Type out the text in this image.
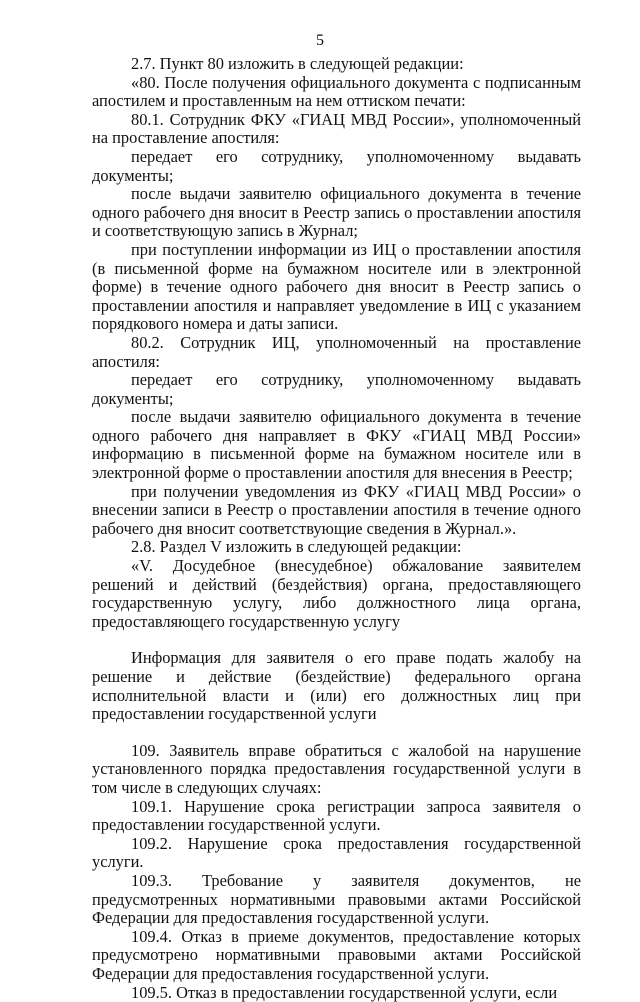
5

2.7. Пункт 80 изложить в следующей редакции:

«80. После получения официального документа с подписанным апостилем и проставленным на нем оттиском печати:

80.1. Сотрудник ФКУ «ГИАЦ МВД России», уполномоченный на проставление апостиля:

передает его сотруднику, уполномоченному выдавать документы;

после выдачи заявителю официального документа в течение одного рабочего дня вносит в Реестр запись о проставлении апостиля и соответствующую запись в Журнал;

при поступлении информации из ИЦ о проставлении апостиля (в письменной форме на бумажном носителе или в электронной форме) в течение одного рабочего дня вносит в Реестр запись о проставлении апостиля и направляет уведомление в ИЦ с указанием порядкового номера и даты записи.

80.2. Сотрудник ИЦ, уполномоченный на проставление апостиля:

передает его сотруднику, уполномоченному выдавать документы;

после выдачи заявителю официального документа в течение одного рабочего дня направляет в ФКУ «ГИАЦ МВД России» информацию в письменной форме на бумажном носителе или в электронной форме о проставлении апостиля для внесения в Реестр;

при получении уведомления из ФКУ «ГИАЦ МВД России» о внесении записи в Реестр о проставлении апостиля в течение одного рабочего дня вносит соответствующие сведения в Журнал.».

2.8. Раздел V изложить в следующей редакции:

«V. Досудебное (внесудебное) обжалование заявителем решений и действий (бездействия) органа, предоставляющего государственную услугу, либо должностного лица органа, предоставляющего государственную услугу

Информация для заявителя о его праве подать жалобу на решение и действие (бездействие) федерального органа исполнительной власти и (или) его должностных лиц при предоставлении государственной услуги

109. Заявитель вправе обратиться с жалобой на нарушение установленного порядка предоставления государственной услуги в том числе в следующих случаях:

109.1. Нарушение срока регистрации запроса заявителя о предоставлении государственной услуги.

109.2. Нарушение срока предоставления государственной услуги.

109.3. Требование у заявителя документов, не предусмотренных нормативными правовыми актами Российской Федерации для предоставления государственной услуги.

109.4. Отказ в приеме документов, предоставление которых предусмотрено нормативными правовыми актами Российской Федерации для предоставления государственной услуги.

109.5. Отказ в предоставлении государственной услуги, если
